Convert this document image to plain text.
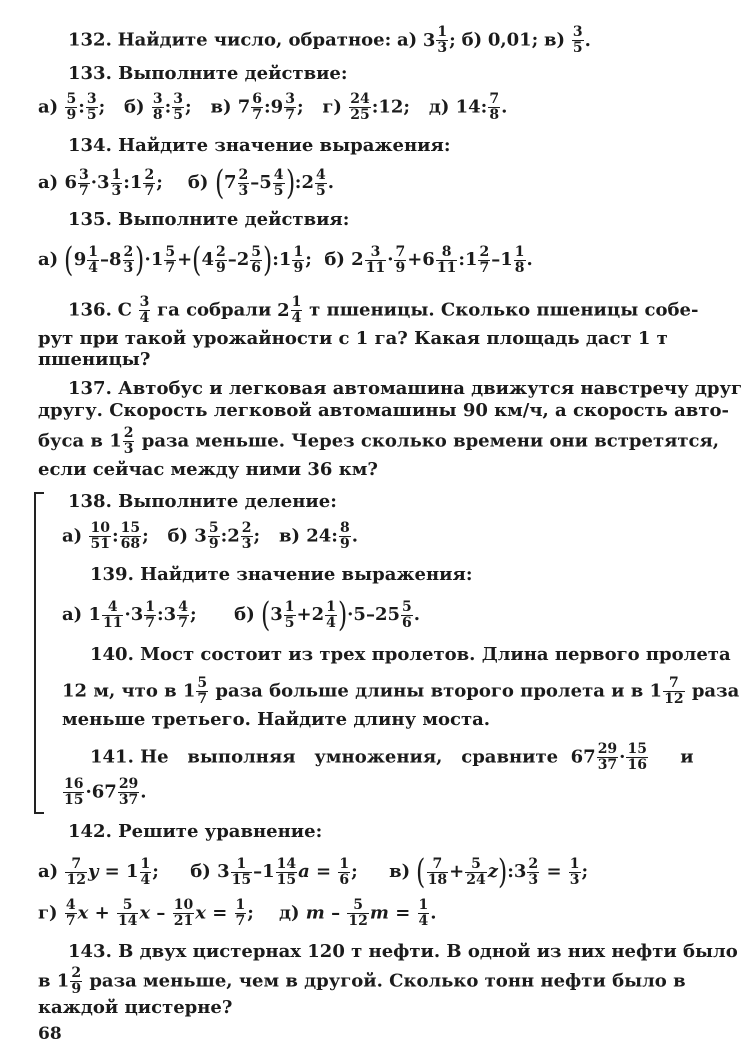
132. Найдите число, обратное: а) $3 \frac{1}{3}$ ; б) 0,01; $в) \frac{3}{5}$ .
133. Выполните действие:
$а) \frac{5}{9}$ : $\frac{3}{5}$ ;   $б) \frac{3}{8}$ : $\frac{3}{5}$ ;   в) $7 \frac{6}{7}$ :9 $\frac{3}{7}$ ;   $г) \frac{24}{25}$ :12;   д) 14: $\frac{7}{8}$ .
134. Найдите значение выражения:
а) $6 \frac{3}{7} \cdot 3 \frac{1}{3}$ :1 $\frac{2}{7}$ ;    б) ($7 \frac{2}{3} -5 \frac{4}{5}$ ):2 $\frac{4}{5}$ .
135. Выполните действия:
а) $(9 \frac{1}{4} -8 \frac{2}{3} )\cdot 1 \frac{5}{7} +(4 \frac{2}{9} -2 \frac{5}{6}$ ):1 $\frac{1}{9}$ ;  б) $2 \frac{3}{11} \cdot \frac{7}{9} +6 \frac{8}{11}$ :1 $\frac{2}{7} -1 \frac{1}{8}$ .
136. С $\frac{3}{4}$ га собрали $2 \frac{1}{4}$ т пшеницы. Сколько пшеницы собе-
рут при такой урожайности с 1 га? Какая площадь даст 1 т
пшеницы?
137. Автобус и легковая автомашина движутся навстречу друг
другу. Скорость легковой автомашины 90 км/ч, а скорость авто-
буса в $1 \frac{2}{3}$ раза меньше. Через сколько времени они встретятся,
если сейчас между ними 36 км?
138. Выполните деление:
$а) \frac{10}{51}$ : $\frac{15}{68}$ ;   б) $3 \frac{5}{9}$ :2 $\frac{2}{3}$ ;   в) 24: $\frac{8}{9}$ .
139. Найдите значение выражения:
а) $1 \frac{4}{11} \cdot 3 \frac{1}{7}$ :3 $\frac{4}{7}$ ;      б) $(3 \frac{1}{5} +2 \frac{1}{4} )\cdot 5-25 \frac{5}{6}$ .
140. Мост состоит из трех пролетов. Длина первого пролета
12 м, что в $1 \frac{5}{7}$ раза больше длины второго пролета и в $1 \frac{7}{12}$ раза
меньше третьего. Найдите длину моста.
141. Не   выполняя   умножения,   сравните  $67 \frac{29}{37} \cdot \frac{15}{16}$ и
$\frac{16}{15} \cdot 67 \frac{29}{37}$ .
142. Решите уравнение:
$а) \frac{7}{12}$ $y = 1 \frac{1}{4}$ ;     б) $3 \frac{1}{15} -1 \frac{14}{15}$ $a = \frac{1}{6}$ ;     в) ( $\frac{7}{18} + \frac{5}{24}$ z):3 $\frac{2}{3} = \frac{1}{3}$ ;
$г) \frac{4}{7}$ $x + \frac{5}{14}$ x – $\frac{10}{21}$ $x = \frac{1}{7}$ ;    д) m – $\frac{5}{12}$ $m = \frac{1}{4}$ .
143. В двух цистернах 120 т нефти. В одной из них нефти было
в $1 \frac{2}{9}$ раза меньше, чем в другой. Сколько тонн нефти было в
каждой цистерне?
68
